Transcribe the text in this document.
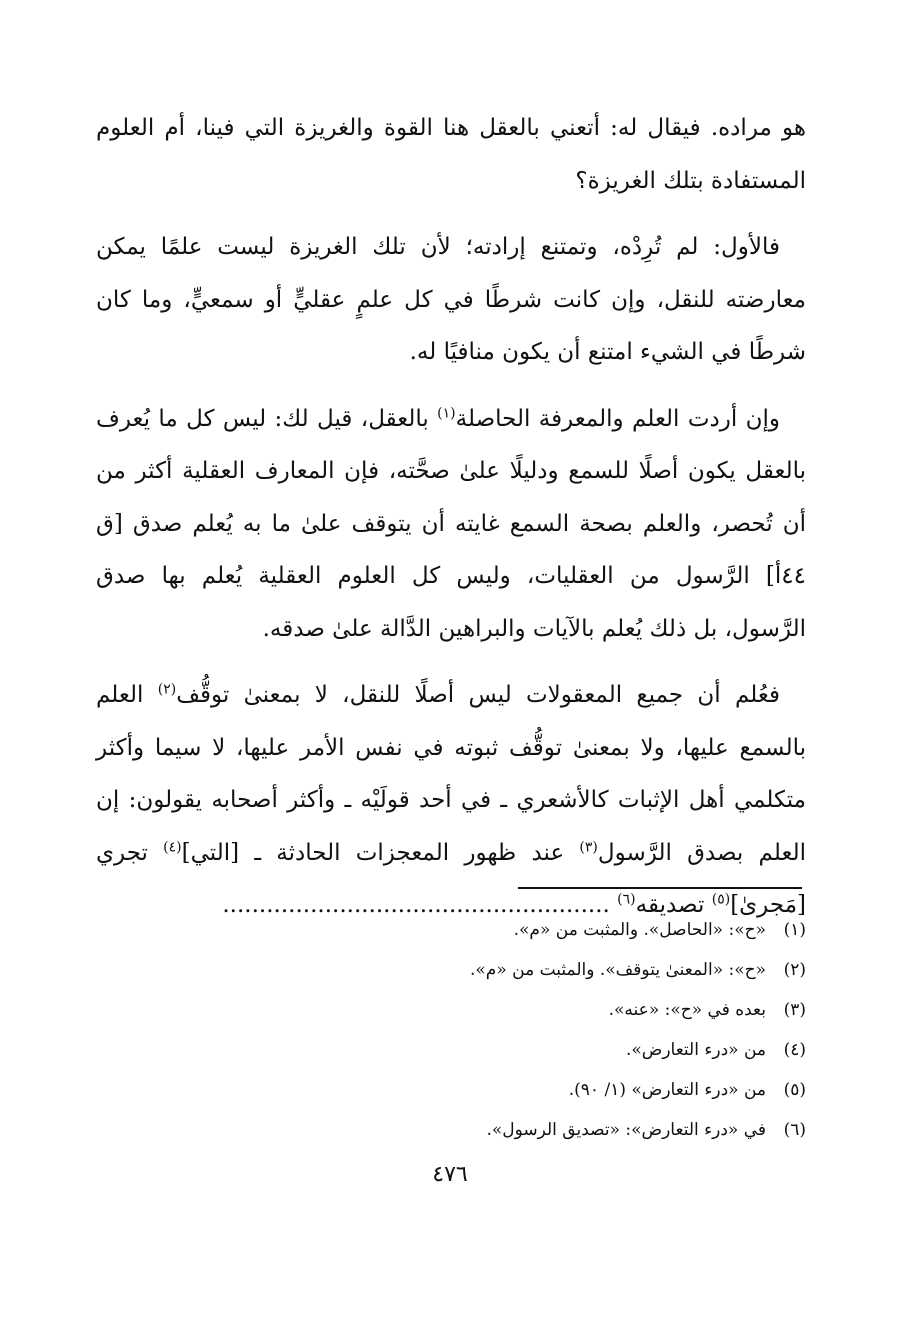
هو مراده. فيقال له: أتعني بالعقل هنا القوة والغريزة التي فينا، أم العلوم المستفادة بتلك الغريزة؟

فالأول: لم تُرِدْه، وتمتنع إرادته؛ لأن تلك الغريزة ليست علمًا يمكن معارضته للنقل، وإن كانت شرطًا في كل علمٍ عقليٍّ أو سمعيٍّ، وما كان شرطًا في الشيء امتنع أن يكون منافيًا له.

وإن أردت العلم والمعرفة الحاصلة$^{(١)}$ بالعقل، قيل لك: ليس كل ما يُعرف بالعقل يكون أصلًا للسمع ودليلًا علىٰ صحَّته، فإن المعارف العقلية أكثر من أن تُحصر، والعلم بصحة السمع غايته أن يتوقف علىٰ ما به يُعلم صدق [ق ٤٤أ] الرَّسول من العقليات، وليس كل العلوم العقلية يُعلم بها صدق الرَّسول، بل ذلك يُعلم بالآيات والبراهين الدَّالة علىٰ صدقه.

فعُلم أن جميع المعقولات ليس أصلًا للنقل، لا بمعنىٰ توقُّف$^{(٢)}$ العلم بالسمع عليها، ولا بمعنىٰ توقُّف ثبوته في نفس الأمر عليها، لا سيما وأكثر متكلمي أهل الإثبات كالأشعري ـ في أحد قولَيْه ـ وأكثر أصحابه يقولون: إن العلم بصدق الرَّسول$^{(٣)}$ عند ظهور المعجزات الحادثة ـ [التي]$^{(٤)}$ تجري [مَجرىٰ]$^{(٥)}$ تصديقه$^{(٦)}$ .....................................................

(١)
«ح»: «الحاصل». والمثبت من «م».
(٢)
«ح»: «المعنىٰ يتوقف». والمثبت من «م».
(٣)
بعده في «ح»: «عنه».
(٤)
من «درء التعارض».
(٥)
من «درء التعارض» (١/ ٩٠).
(٦)
في «درء التعارض»: «تصديق الرسول».
٤٧٦
